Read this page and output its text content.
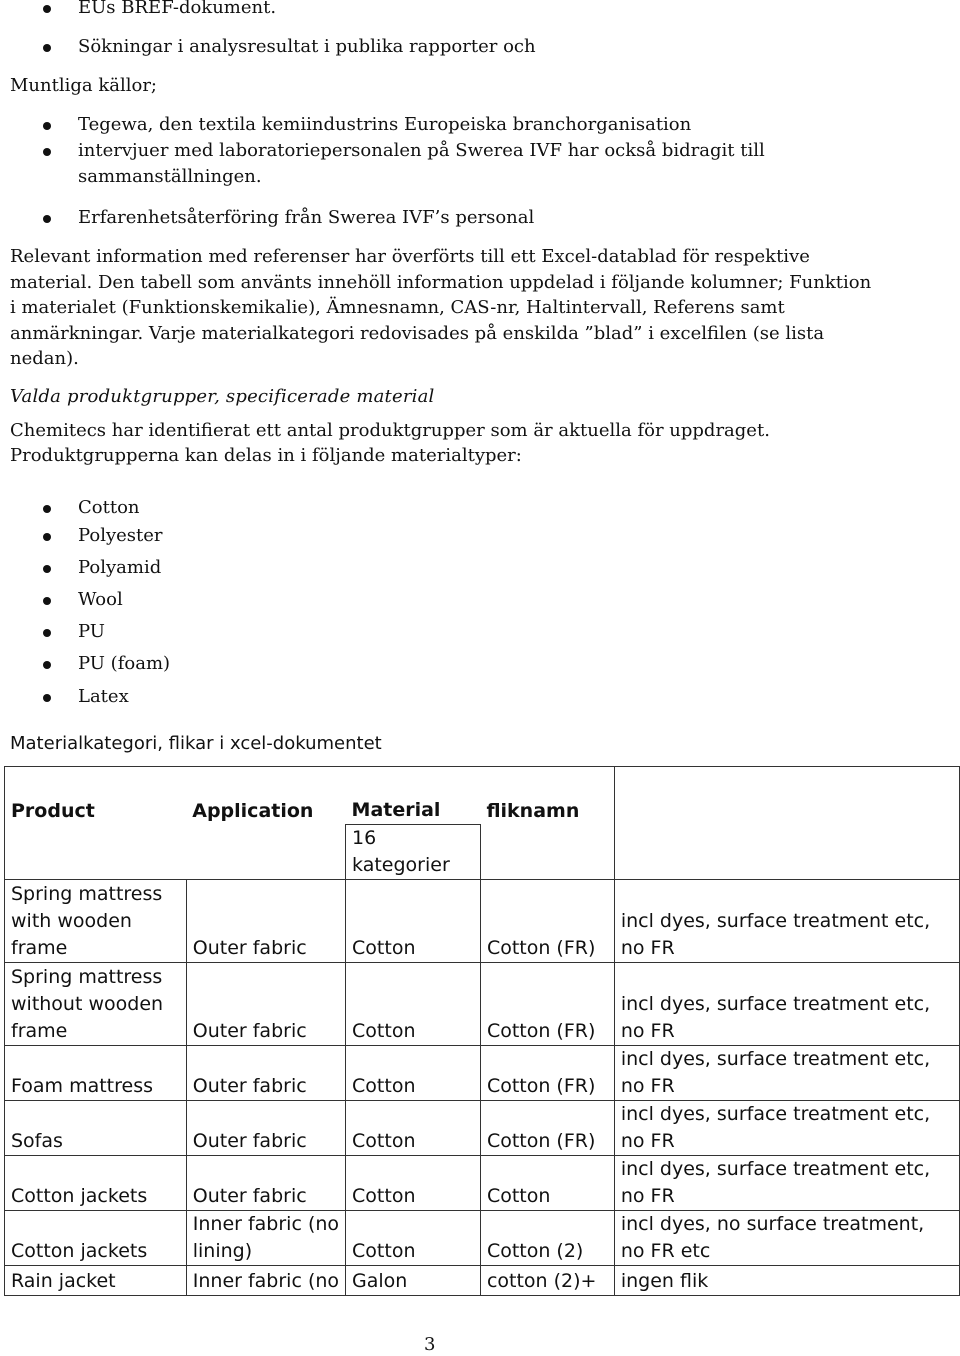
EUs BREF-dokument.
Sökningar i analysresultat i publika rapporter och
Muntliga källor;
Tegewa, den textila kemiindustrins Europeiska branchorganisation
intervjuer med laboratoriepersonalen på Swerea IVF har också bidragit till
sammanställningen.
Erfarenhetsåterföring från Swerea IVF’s personal
Relevant information med referenser har överförts till ett Excel-datablad för respektive
material. Den tabell som använts innehöll information uppdelad i följande kolumner; Funktion
i materialet (Funktionskemikalie), Ämnesnamn, CAS-nr, Haltintervall, Referens samt
anmärkningar. Varje materialkategori redovisades på enskilda ”blad” i excelfilen (se lista
nedan).
Valda produktgrupper, specificerade material
Chemitecs har identifierat ett antal produktgrupper som är aktuella för uppdraget.
Produktgrupperna kan delas in i följande materialtyper:
Cotton
Polyester
Polyamid
Wool
PU
PU (foam)
Latex
Materialkategori, flikar i xcel-dokumentet
Product	Application	Material	fliknamn	
		16 kategorier		
Spring mattress with wooden frame	Outer fabric	Cotton	Cotton (FR)	incl dyes, surface treatment etc, no FR
Spring mattress without wooden frame	Outer fabric	Cotton	Cotton (FR)	incl dyes, surface treatment etc, no FR
Foam mattress	Outer fabric	Cotton	Cotton (FR)	incl dyes, surface treatment etc, no FR
Sofas	Outer fabric	Cotton	Cotton (FR)	incl dyes, surface treatment etc, no FR
Cotton jackets	Outer fabric	Cotton	Cotton	incl dyes, surface treatment etc, no FR
Cotton jackets	Inner fabric (no lining)	Cotton	Cotton (2)	incl dyes, no surface treatment, no FR etc
Rain jacket	Inner fabric (no	Galon	cotton (2)+	ingen flik
3
